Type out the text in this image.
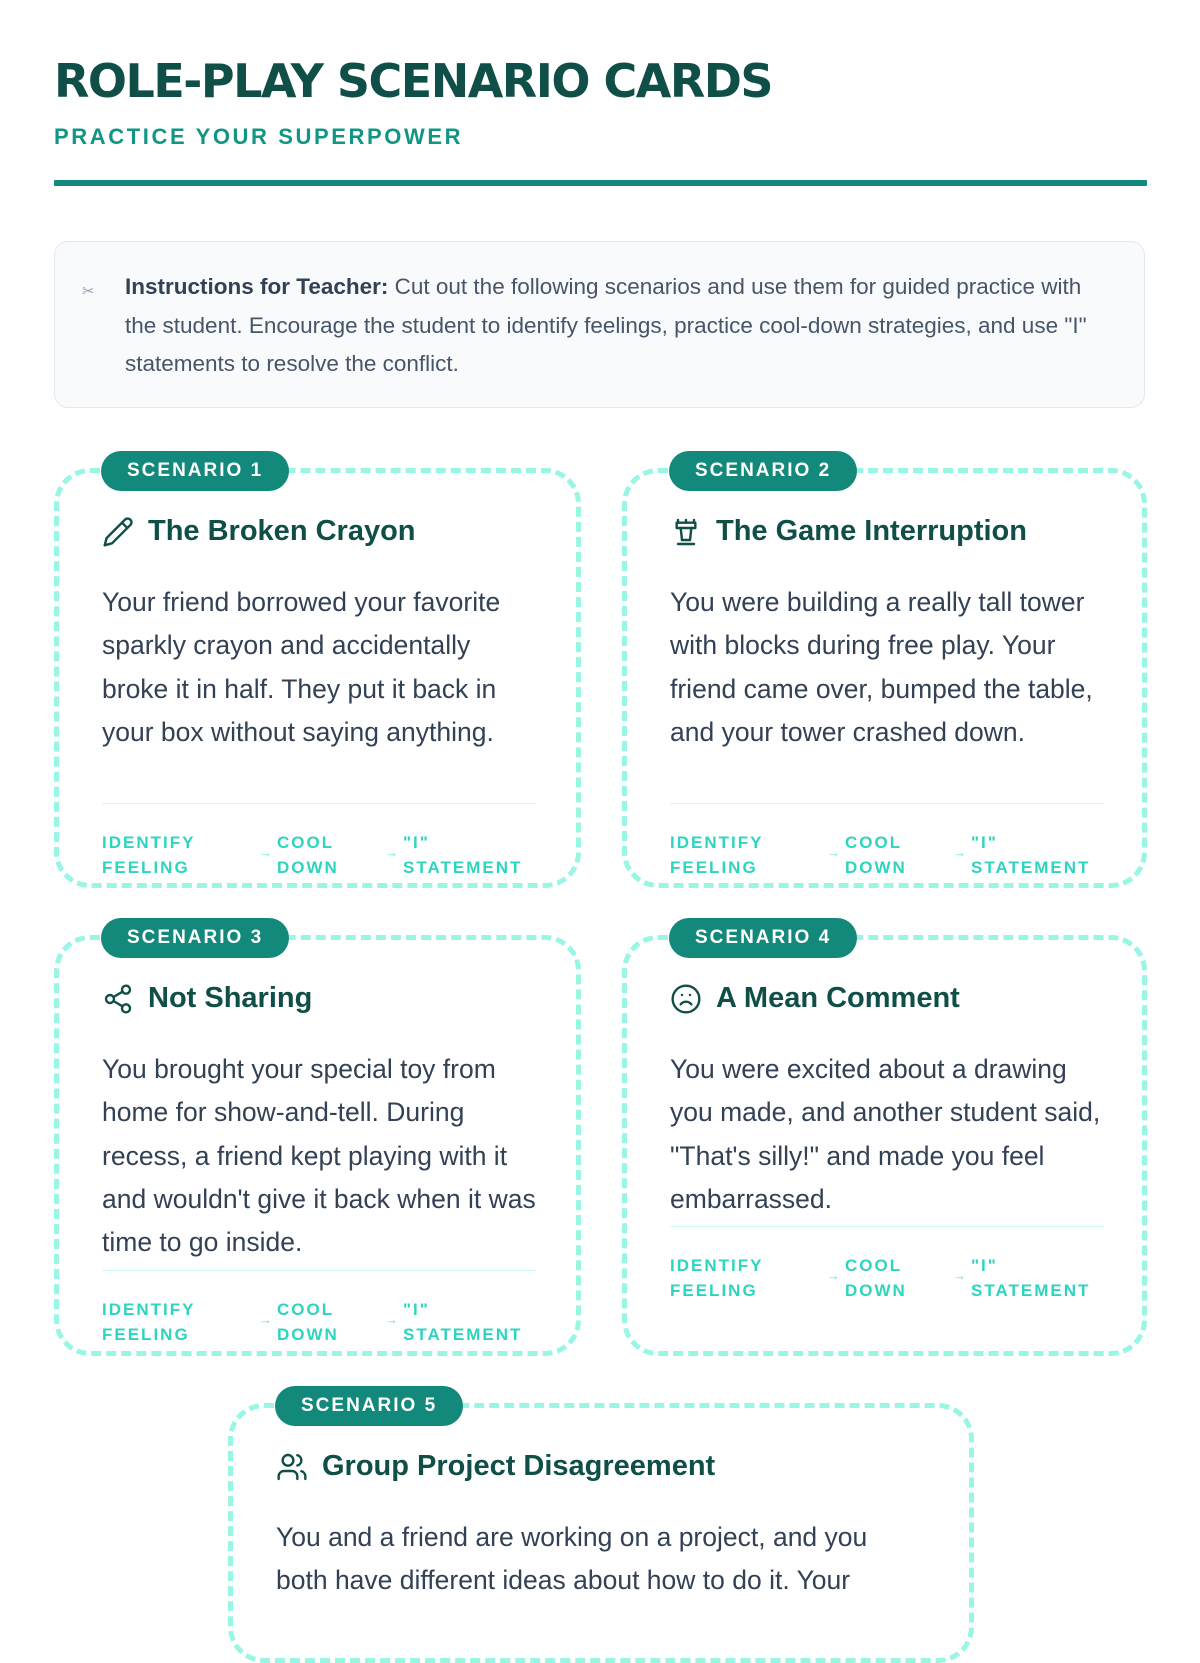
ROLE-PLAY SCENARIO CARDS
PRACTICE YOUR SUPERPOWER
✂ Instructions for Teacher: Cut out the following scenarios and use them for guided practice with the student. Encourage the student to identify feelings, practice cool-down strategies, and use "I" statements to resolve the conflict.
SCENARIO 1
The Broken Crayon
Your friend borrowed your favorite sparkly crayon and accidentally broke it in half. They put it back in your box without saying anything.
IDENTIFY FEELING
→
COOL DOWN
→
"I" STATEMENT
SCENARIO 2
The Game Interruption
You were building a really tall tower with blocks during free play. Your friend came over, bumped the table, and your tower crashed down.
IDENTIFY FEELING
→
COOL DOWN
→
"I" STATEMENT
SCENARIO 3
Not Sharing
You brought your special toy from home for show-and-tell. During recess, a friend kept playing with it and wouldn't give it back when it was time to go inside.
IDENTIFY FEELING
→
COOL DOWN
→
"I" STATEMENT
SCENARIO 4
A Mean Comment
You were excited about a drawing you made, and another student said, "That's silly!" and made you feel embarrassed.
IDENTIFY FEELING
→
COOL DOWN
→
"I" STATEMENT
SCENARIO 5
Group Project Disagreement
You and a friend are working on a project, and you both have different ideas about how to do it. Your
